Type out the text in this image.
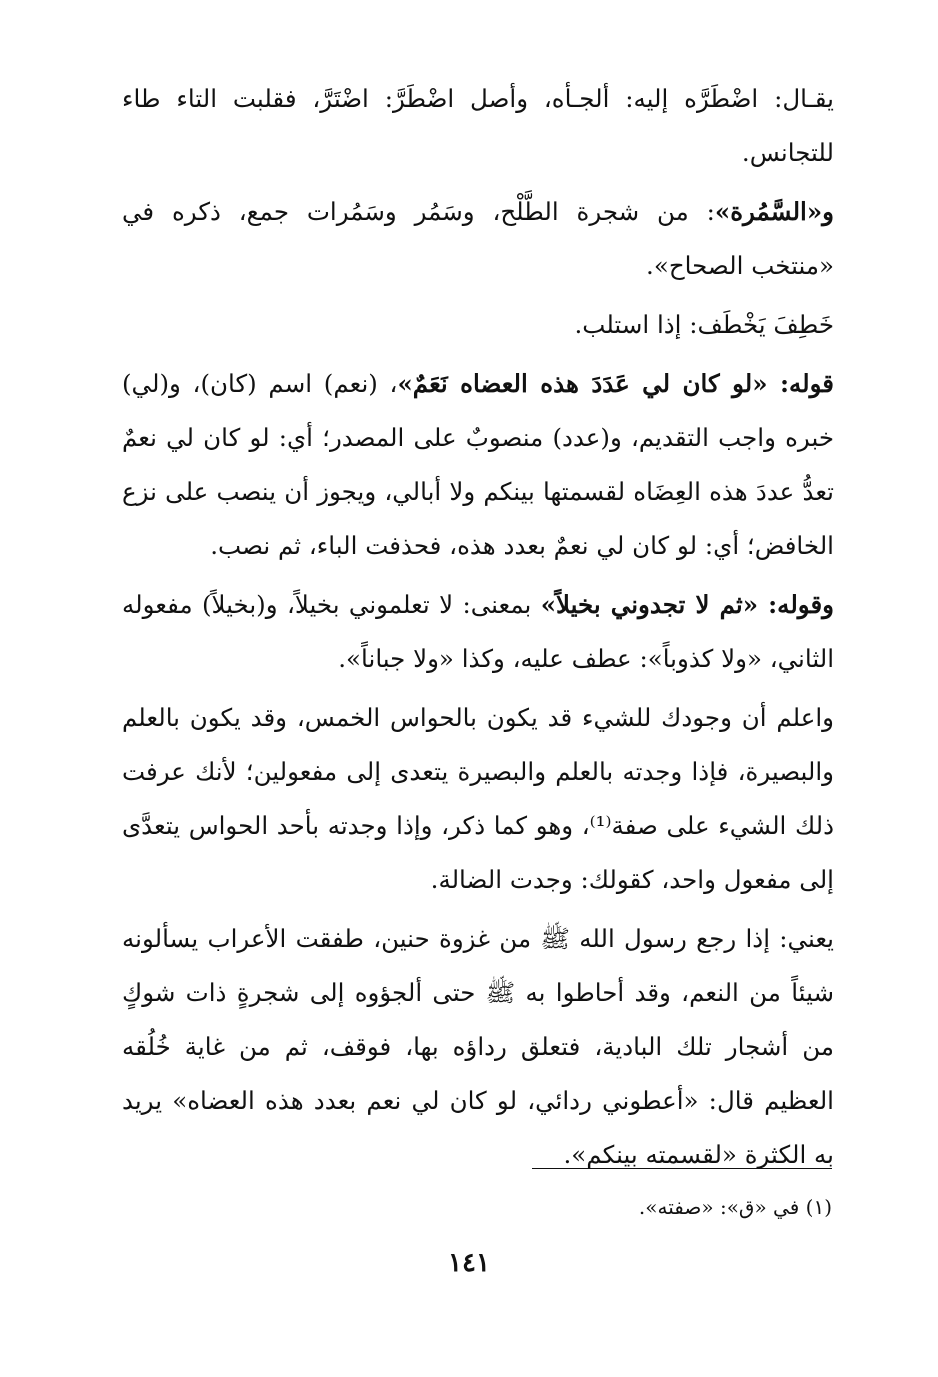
يقـال: اضْطَرَّه إليه: ألجـأه، وأصل اضْطَرَّ: اضْتَرَّ، فقلبت التاء طاء للتجانس.

و«السَّمُرة»: من شجرة الطَّلْح، وسَمُر وسَمُرات جمع، ذكره في «منتخب الصحاح».

خَطِفَ يَخْطَف: إذا استلب.

قوله: «لو كان لي عَدَدَ هذه العضاه نَعَمٌ»، (نعم) اسم (كان)، و(لي) خبره واجب التقديم، و(عدد) منصوبٌ على المصدر؛ أي: لو كان لي نعمٌ تعدُّ عددَ هذه العِضَاه لقسمتها بينكم ولا أبالي، ويجوز أن ينصب على نزع الخافض؛ أي: لو كان لي نعمٌ بعدد هذه، فحذفت الباء، ثم نصب.

وقوله: «ثم لا تجدوني بخيلاً» بمعنى: لا تعلموني بخيلاً، و(بخيلاً) مفعوله الثاني، «ولا كذوباً»: عطف عليه، وكذا «ولا جباناً».

واعلم أن وجودك للشيء قد يكون بالحواس الخمس، وقد يكون بالعلم والبصيرة، فإذا وجدته بالعلم والبصيرة يتعدى إلى مفعولين؛ لأنك عرفت ذلك الشيء على صفة⁽¹⁾، وهو كما ذكر، وإذا وجدته بأحد الحواس يتعدَّى إلى مفعول واحد، كقولك: وجدت الضالة.

يعني: إذا رجع رسول الله ﷺ من غزوة حنين، طفقت الأعراب يسألونه شيئاً من النعم، وقد أحاطوا به ﷺ حتى ألجؤوه إلى شجرةٍ ذات شوكٍ من أشجار تلك البادية، فتعلق رداؤه بها، فوقف، ثم من غاية خُلُقه العظيم قال: «أعطوني ردائي، لو كان لي نعم بعدد هذه العضاه» يريد به الكثرة «لقسمته بينكم».

(١) في «ق»: «صفته».
١٤١
